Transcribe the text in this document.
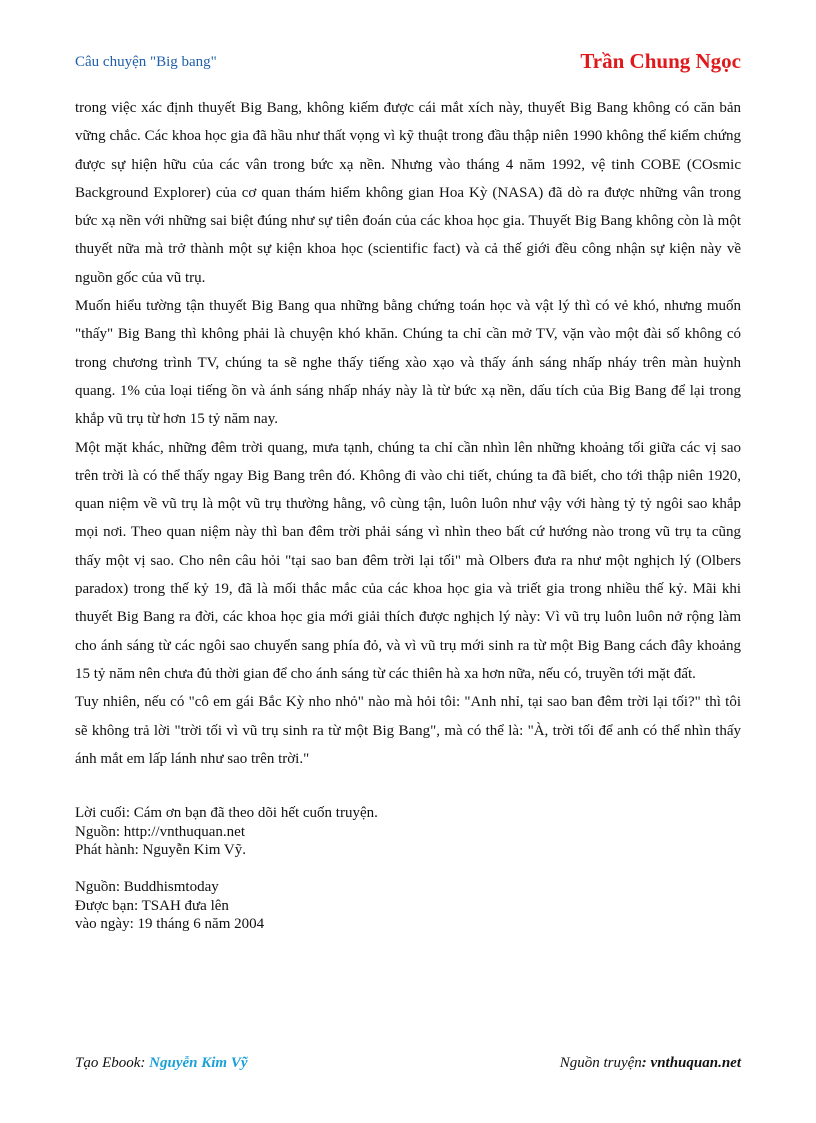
Câu chuyện "Big bang"	Trần Chung Ngọc

trong việc xác định thuyết Big Bang, không kiếm được cái mắt xích này, thuyết Big Bang không có căn bản vững chắc. Các khoa học gia đã hầu như thất vọng vì kỹ thuật trong đầu thập niên 1990 không thể kiểm chứng được sự hiện hữu của các vân trong bức xạ nền. Nhưng vào tháng 4 năm 1992, vệ tinh COBE (COsmic Background Explorer) của cơ quan thám hiểm không gian Hoa Kỳ (NASA) đã dò ra được những vân trong bức xạ nền với những sai biệt đúng như sự tiên đoán của các khoa học gia. Thuyết Big Bang không còn là một thuyết nữa mà trở thành một sự kiện khoa học (scientific fact) và cả thế giới đều công nhận sự kiện này về nguồn gốc của vũ trụ.

Muốn hiểu tường tận thuyết Big Bang qua những bằng chứng toán học và vật lý thì có vẻ khó, nhưng muốn "thấy" Big Bang thì không phải là chuyện khó khăn. Chúng ta chỉ cần mở TV, vặn vào một đài số không có trong chương trình TV, chúng ta sẽ nghe thấy tiếng xào xạo và thấy ánh sáng nhấp nháy trên màn huỳnh quang. 1% của loại tiếng ồn và ánh sáng nhấp nháy này là từ bức xạ nền, dấu tích của Big Bang để lại trong khắp vũ trụ từ hơn 15 tỷ năm nay.

Một mặt khác, những đêm trời quang, mưa tạnh, chúng ta chỉ cần nhìn lên những khoảng tối giữa các vị sao trên trời là có thể thấy ngay Big Bang trên đó. Không đi vào chi tiết, chúng ta đã biết, cho tới thập niên 1920, quan niệm về vũ trụ là một vũ trụ thường hằng, vô cùng tận, luôn luôn như vậy với hàng tỷ tỷ ngôi sao khắp mọi nơi. Theo quan niệm này thì ban đêm trời phải sáng vì nhìn theo bất cứ hướng nào trong vũ trụ ta cũng thấy một vị sao. Cho nên câu hỏi "tại sao ban đêm trời lại tối" mà Olbers đưa ra như một nghịch lý (Olbers paradox) trong thế kỷ 19, đã là mối thắc mắc của các khoa học gia và triết gia trong nhiều thế kỷ. Mãi khi thuyết Big Bang ra đời, các khoa học gia mới giải thích được nghịch lý này: Vì vũ trụ luôn luôn nở rộng làm cho ánh sáng từ các ngôi sao chuyển sang phía đỏ, và vì vũ trụ mới sinh ra từ một Big Bang cách đây khoảng 15 tỷ năm nên chưa đủ thời gian để cho ánh sáng từ các thiên hà xa hơn nữa, nếu có, truyền tới mặt đất.

Tuy nhiên, nếu có "cô em gái Bắc Kỳ nho nhỏ" nào mà hỏi tôi: "Anh nhỉ, tại sao ban đêm trời lại tối?" thì tôi sẽ không trả lời "trời tối vì vũ trụ sinh ra từ một Big Bang", mà có thể là: "À, trời tối để anh có thể nhìn thấy ánh mắt em lấp lánh như sao trên trời."

Lời cuối: Cám ơn bạn đã theo dõi hết cuốn truyện.
Nguồn: http://vnthuquan.net
Phát hành: Nguyễn Kim Vỹ.
Nguồn: Buddhismtoday
Được bạn: TSAH đưa lên
vào ngày: 19 tháng 6 năm 2004
Tạo Ebook: Nguyễn Kim Vỹ	Nguồn truyện: vnthuquan.net
